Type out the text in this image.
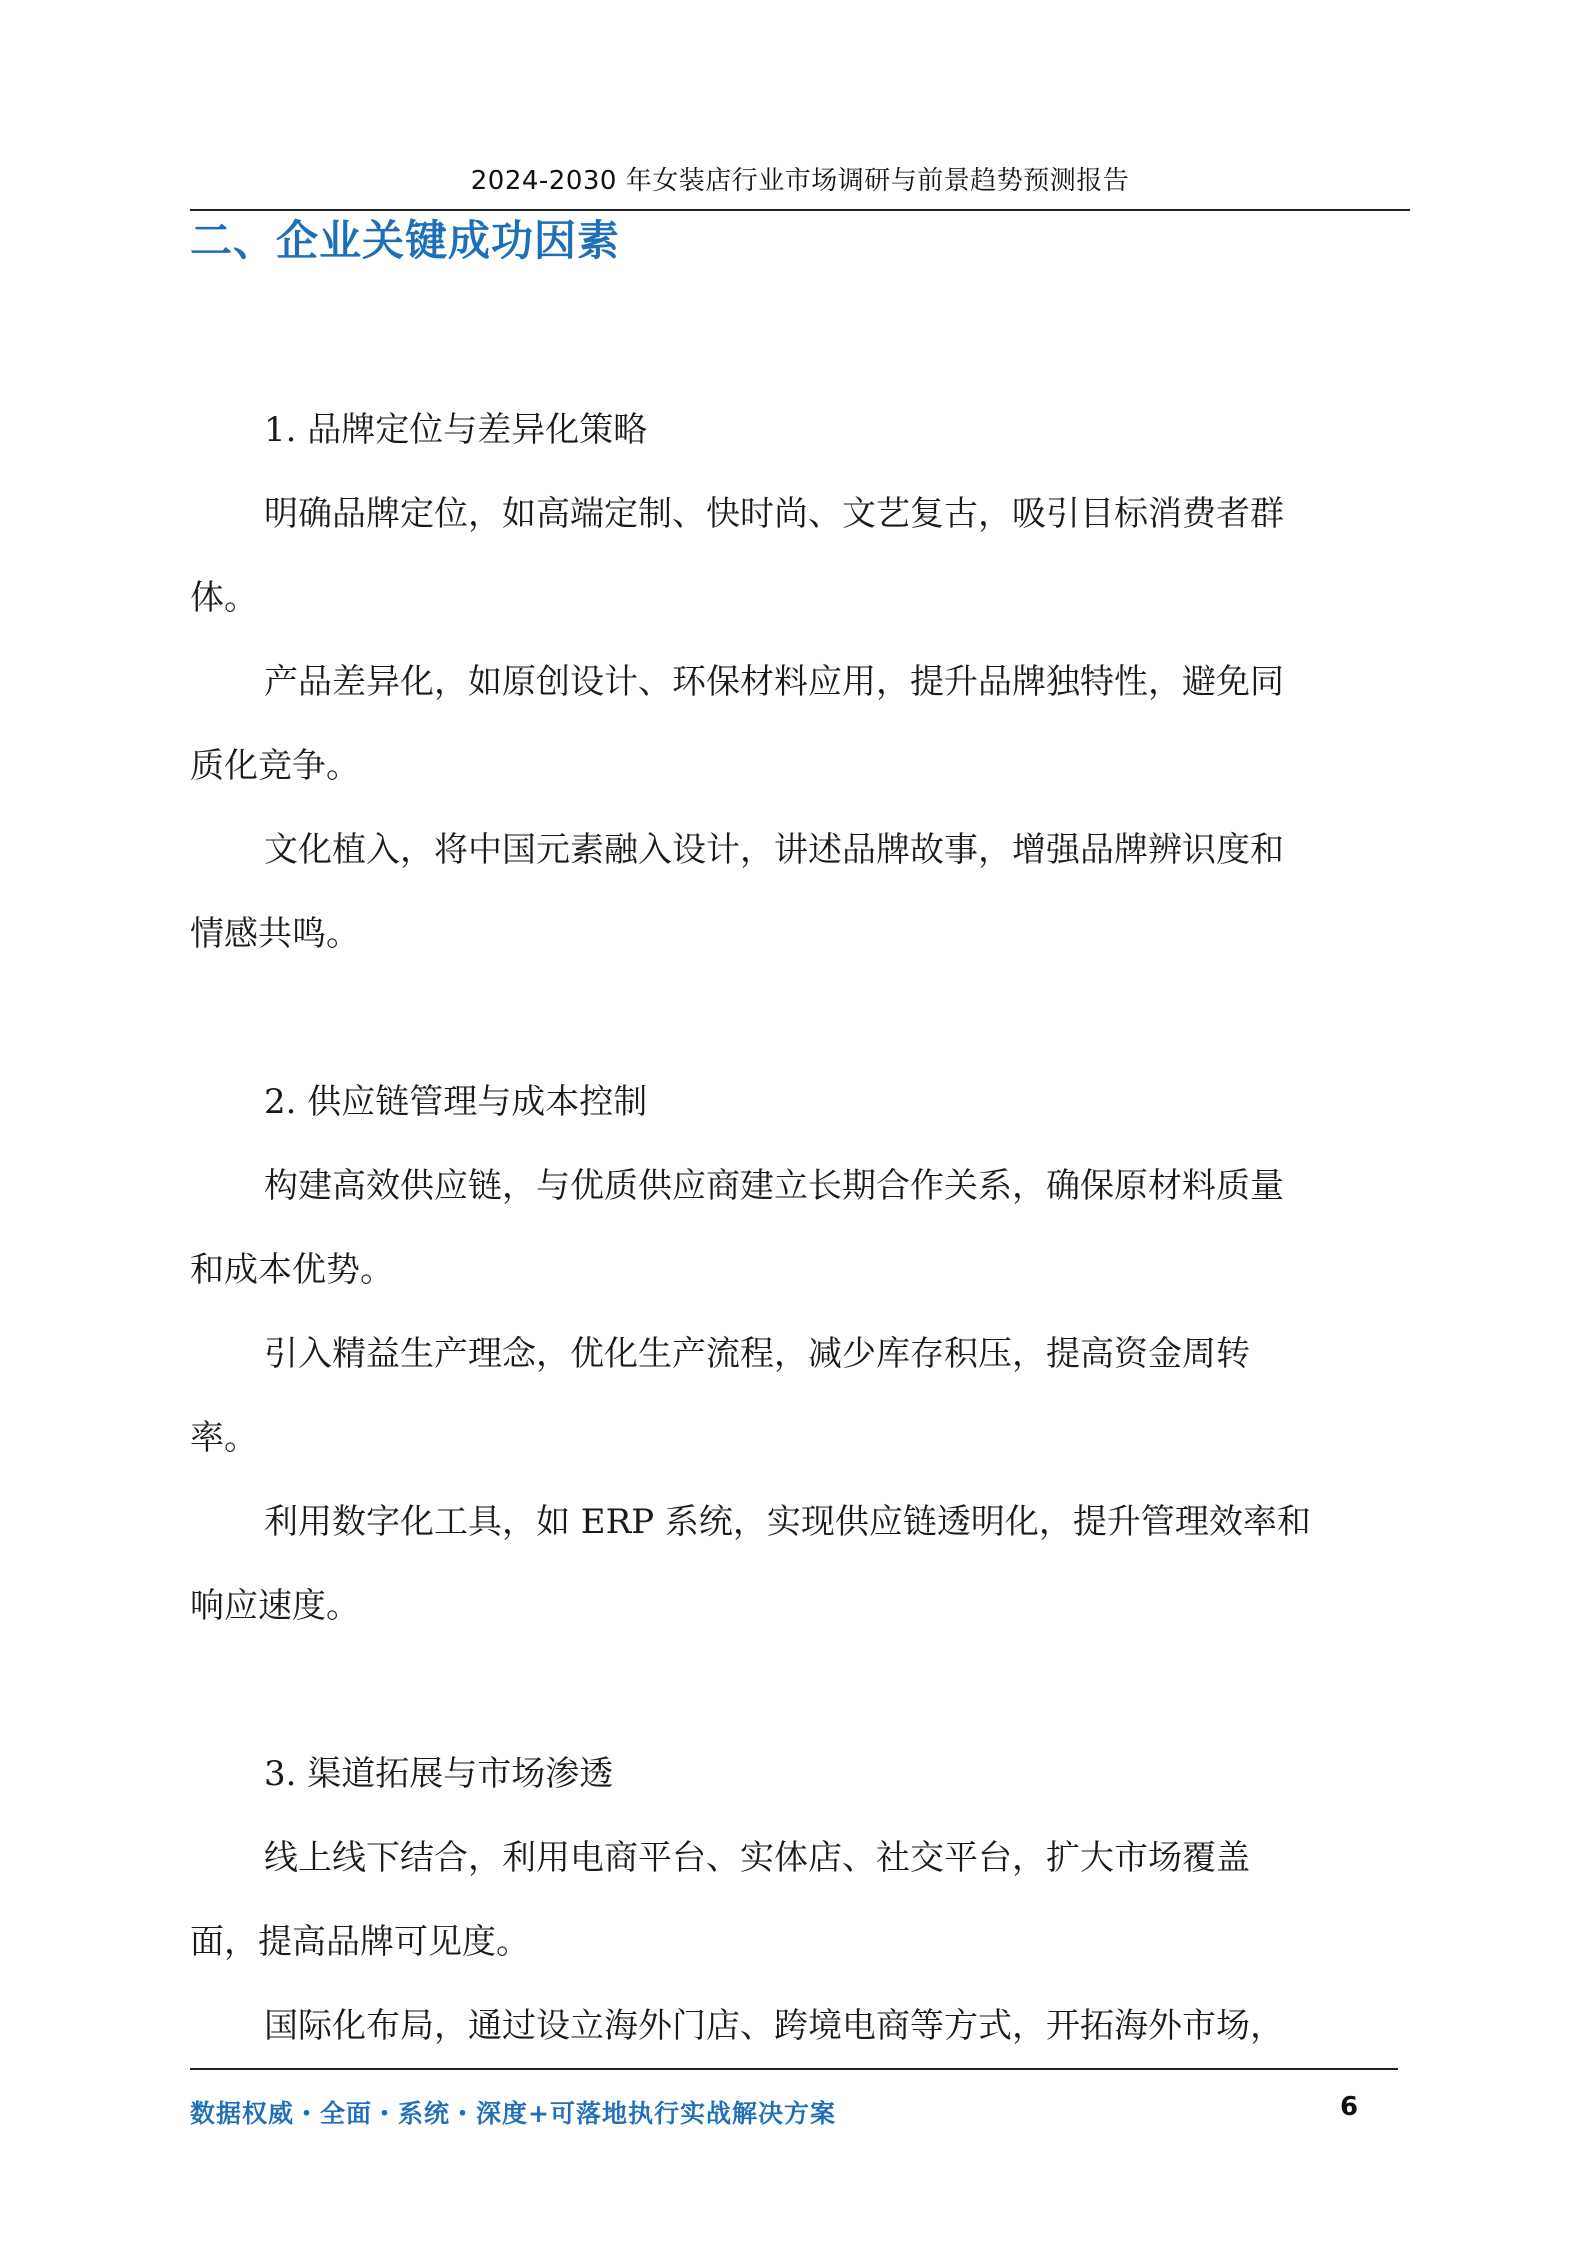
2024-2030 年女装店行业市场调研与前景趋势预测报告
二、企业关键成功因素
1. 品牌定位与差异化策略
明确品牌定位，如高端定制、快时尚、文艺复古，吸引目标消费者群
体。
产品差异化，如原创设计、环保材料应用，提升品牌独特性，避免同
质化竞争。
文化植入，将中国元素融入设计，讲述品牌故事，增强品牌辨识度和
情感共鸣。
2. 供应链管理与成本控制
构建高效供应链，与优质供应商建立长期合作关系，确保原材料质量
和成本优势。
引入精益生产理念，优化生产流程，减少库存积压，提高资金周转
率。
利用数字化工具，如 ERP 系统，实现供应链透明化，提升管理效率和
响应速度。
3. 渠道拓展与市场渗透
线上线下结合，利用电商平台、实体店、社交平台，扩大市场覆盖
面，提高品牌可见度。
国际化布局，通过设立海外门店、跨境电商等方式，开拓海外市场，
数据权威・全面・系统・深度+可落地执行实战解决方案	6
